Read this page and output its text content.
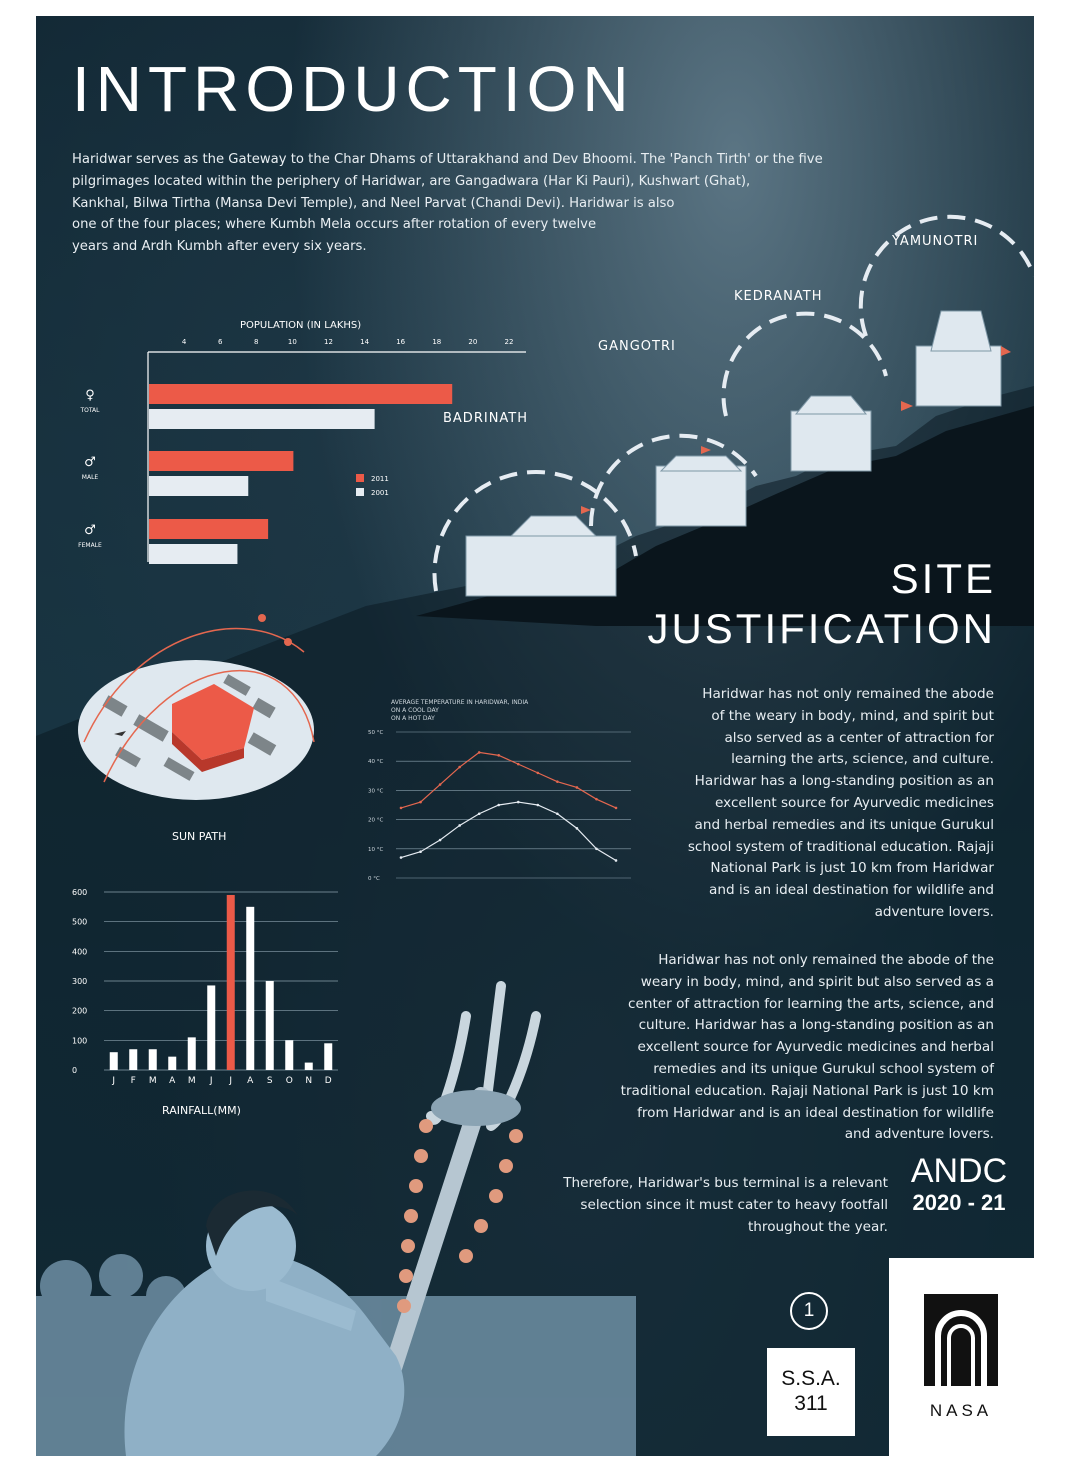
INTRODUCTION
Haridwar serves as the Gateway to the Char Dhams of Uttarakhand and Dev Bhoomi. The 'Panch Tirth' or the five
pilgrimages located within the periphery of Haridwar, are Gangadwara (Har Ki Pauri), Kushwart (Ghat),
Kankhal, Bilwa Tirtha (Mansa Devi Temple), and Neel Parvat (Chandi Devi). Haridwar is also
one of the four places; where Kumbh Mela occurs after rotation of every twelve
years and Ardh Kumbh after every six years.
BADRINATH
GANGOTRI
KEDRANATH
YAMUNOTRI
POPULATION (IN LAKHS)
4	6	8	10	12	14	16	18	20	22
TOTAL
♀
MALE
♂
FEMALE
♂
2011
2001
SUN PATH
AVERAGE TEMPERATURE IN HARIDWAR, INDIA
ON A COOL DAY
ON A HOT DAY
50 °C
40 °C
30 °C
20 °C
10 °C
0 °C
600
500
400
300
200
100
0
J F M A M J J A S O N D
RAINFALL(MM)
SITE
JUSTIFICATION
Haridwar has not only remained the abode
of the weary in body, mind, and spirit but
also served as a center of attraction for
learning the arts, science, and culture.
Haridwar has a long-standing position as an
excellent source for Ayurvedic medicines
and herbal remedies and its unique Gurukul
school system of traditional education. Rajaji
National Park is just 10 km from Haridwar
and is an ideal destination for wildlife and
adventure lovers.
Haridwar has not only remained the abode of the
weary in body, mind, and spirit but also served as a
center of attraction for learning the arts, science, and
culture. Haridwar has a long-standing position as an
excellent source for Ayurvedic medicines and herbal
remedies and its unique Gurukul school system of
traditional education. Rajaji National Park is just 10 km
from Haridwar and is an ideal destination for wildlife
and adventure lovers.
Therefore, Haridwar's bus terminal is a relevant
selection since it must cater to heavy footfall
throughout the year.
ANDC
2020 - 21
NASA
1
S.S.A.
311
